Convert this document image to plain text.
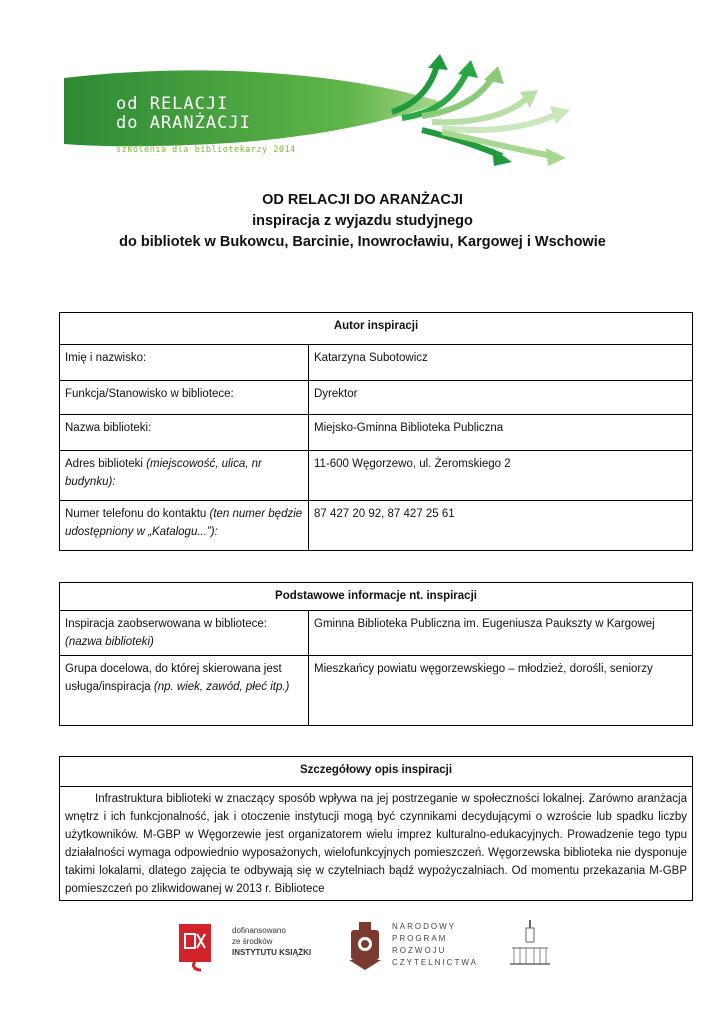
od RELACJI
do ARANŻACJI
szkolenia dla bibliotekarzy 2014
OD RELACJI DO ARANŻACJI
inspiracja z wyjazdu studyjnego
do bibliotek w Bukowcu, Barcinie, Inowrocławiu, Kargowej i Wschowie
Autor inspiracji	
Imię i nazwisko:	Katarzyna Subotowicz
Funkcja/Stanowisko w bibliotece:	Dyrektor
Nazwa biblioteki:	Miejsko-Gminna Biblioteka Publiczna
Adres biblioteki (miejscowość, ulica, nr budynku):	11-600 Węgorzewo, ul. Żeromskiego 2
Numer telefonu do kontaktu (ten numer będzie udostępniony w „Katalogu...”):	87 427 20 92, 87 427 25 61
Podstawowe informacje nt. inspiracji	
Inspiracja zaobserwowana w bibliotece:
(nazwa biblioteki)	Gminna Biblioteka Publiczna im. Eugeniusza Paukszty w Kargowej
Grupa docelowa, do której skierowana jest usługa/inspiracja (np. wiek, zawód, płeć itp.)	Mieszkańcy powiatu węgorzewskiego – młodzież, dorośli, seniorzy
Szczegółowy opis inspiracji

Infrastruktura biblioteki w znaczący sposób wpływa na jej postrzeganie w społeczności lokalnej. Zarówno aranżacja wnętrz i ich funkcjonalność, jak i otoczenie instytucji mogą być czynnikami decydującymi o wzroście lub spadku liczby użytkowników. M-GBP w Węgorzewie jest organizatorem wielu imprez kulturalno-edukacyjnych. Prowadzenie tego typu działalności wymaga odpowiednio wyposażonych, wielofunkcyjnych pomieszczeń. Węgorzewska biblioteka nie dysponuje takimi lokalami, dlatego zajęcia te odbywają się w czytelniach bądź wypożyczalniach. Od momentu przekazania M-GBP pomieszczeń po zlikwidowanej w 2013 r. Bibliotece

dofinansowano
ze środków
INSTYTUTU KSIĄŻKI
NARODOWY
PROGRAM
ROZWOJU
CZYTELNICTWA
